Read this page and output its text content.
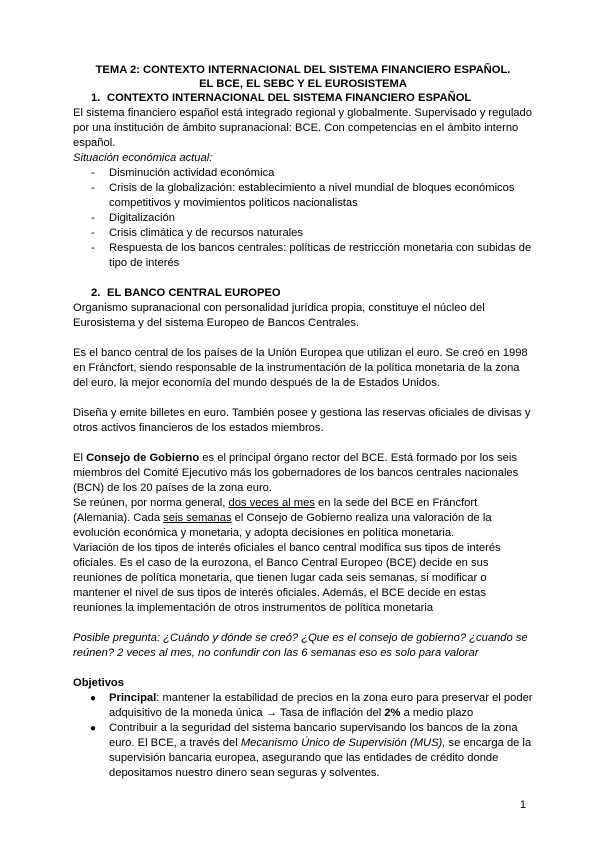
TEMA 2: CONTEXTO INTERNACIONAL DEL SISTEMA FINANCIERO ESPAÑOL.

EL BCE, EL SEBC Y EL EUROSISTEMA

1. CONTEXTO INTERNACIONAL DEL SISTEMA FINANCIERO ESPAÑOL

El sistema financiero español está integrado regional y globalmente. Supervisado y regulado por una institución de ámbito supranacional: BCE. Con competencias en el ámbito interno español.

Situación económica actual:

- Disminución actividad económica
- Crisis de la globalización: establecimiento a nivel mundial de bloques económicos competitivos y movimientos políticos nacionalistas
- Digitalización
- Crisis climática y de recursos naturales
- Respuesta de los bancos centrales: políticas de restricción monetaria con subidas de tipo de interés

2. EL BANCO CENTRAL EUROPEO

Organismo supranacional con personalidad jurídica propia, constituye el núcleo del Eurosistema y del sistema Europeo de Bancos Centrales.

Es el banco central de los países de la Unión Europea que utilizan el euro. Se creó en 1998 en Fráncfort, siendo responsable de la instrumentación de la política monetaria de la zona del euro, la mejor economía del mundo después de la de Estados Unidos.

Diseña y emite billetes en euro. También posee y gestiona las reservas oficiales de divisas y otros activos financieros de los estados miembros.

El Consejo de Gobierno es el principal órgano rector del BCE. Está formado por los seis miembros del Comité Ejecutivo más los gobernadores de los bancos centrales nacionales (BCN) de los 20 países de la zona euro.

Se reúnen, por norma general, dos veces al mes en la sede del BCE en Fráncfort (Alemania). Cada seis semanas el Consejo de Gobierno realiza una valoración de la evolución económica y monetaria, y adopta decisiones en política monetaria.

Variación de los tipos de interés oficiales el banco central modifica sus tipos de interés oficiales. Es el caso de la eurozona, el Banco Central Europeo (BCE) decide en sus reuniones de política monetaria, que tienen lugar cada seis semanas, si modificar o mantener el nivel de sus tipos de interés oficiales. Además, el BCE decide en estas reuniones la implementación de otros instrumentos de política monetaria

Posible pregunta: ¿Cuándo y dónde se creó? ¿Que es el consejo de gobierno? ¿cuando se reúnen? 2 veces al mes, no confundir con las 6 semanas eso es solo para valorar

Objetivos

● Principal: mantener la estabilidad de precios en la zona euro para preservar el poder adquisitivo de la moneda única → Tasa de inflación del 2% a medio plazo
● Contribuir a la seguridad del sistema bancario supervisando los bancos de la zona euro. El BCE, a través del Mecanismo Único de Supervisión (MUS), se encarga de la supervisión bancaria europea, asegurando que las entidades de crédito donde depositamos nuestro dinero sean seguras y solventes.
1
